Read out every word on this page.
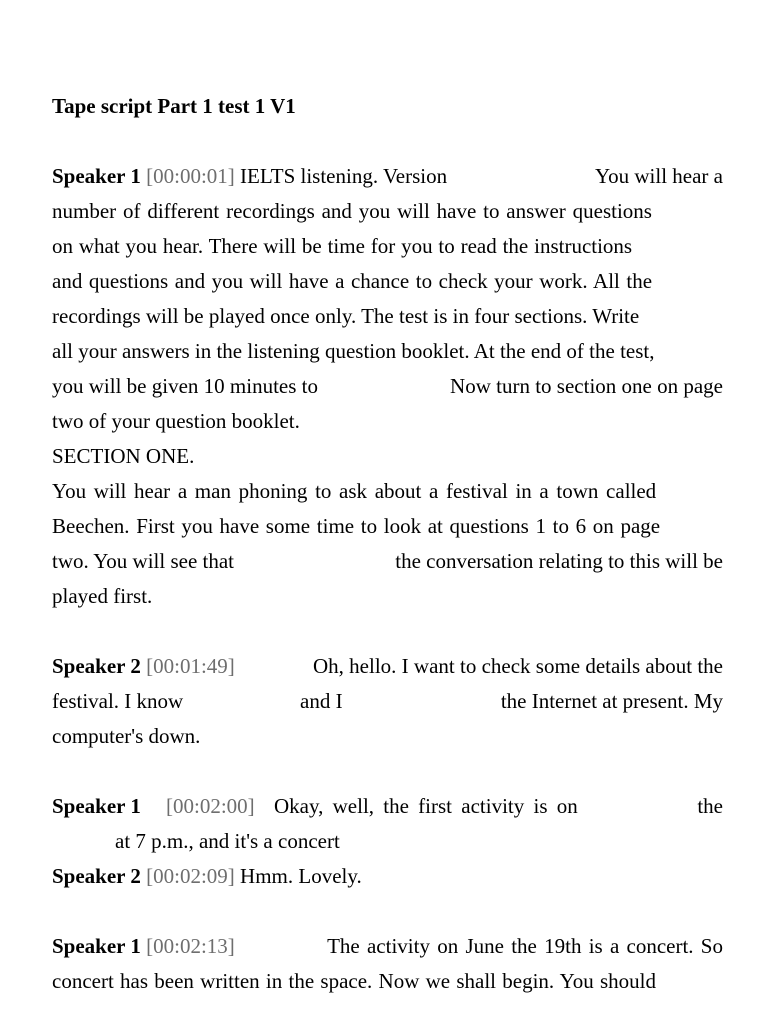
Tape script Part 1 test 1 V1
Speaker 1 [00:00:01] IELTS listening. Version	You will hear a
number of different recordings and you will have to answer questions
on what you hear. There will be time for you to read the instructions
and questions and you will have a chance to check your work. All the
recordings will be played once only. The test is in four sections. Write
all your answers in the listening question booklet. At the end of the test,
you will be given 10 minutes to	Now turn to section one on page
two of your question booklet.
SECTION ONE.
You will hear a man phoning to ask about a festival in a town called
Beechen. First you have some time to look at questions 1 to 6 on page
two. You will see that	the conversation relating to this will be
played first.
Speaker 2 [00:01:49]	Oh, hello. I want to check some details about the
festival. I know	and I	the Internet at present. My
computer's down.
Speaker 1 [00:02:00] Okay, well, the first activity is on	the
at 7 p.m., and it's a concert
Speaker 2 [00:02:09] Hmm. Lovely.
Speaker 1 [00:02:13]	The activity on June the 19th is a concert. So
concert has been written in the space. Now we shall begin. You should
